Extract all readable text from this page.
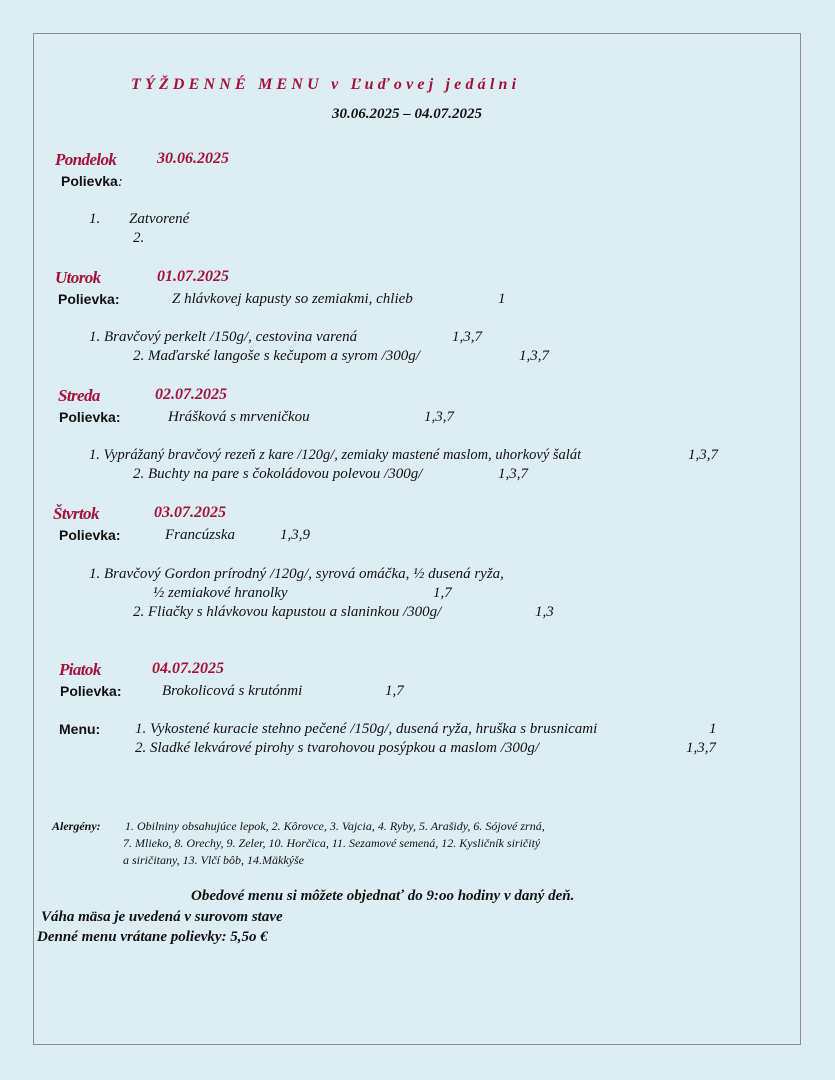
TÝŽDENNÉ MENU v Ľuďovej jedálni
30.06.2025 – 04.07.2025
Pondelok	30.06.2025
Polievka:
1. Zatvorené
2.
Utorok	01.07.2025
Polievka:	Z hlávkovej kapusty so zemiakmi, chlieb	1
1. Bravčový perkelt /150g/, cestovina varená	1,3,7
2. Maďarské langoše s kečupom a syrom /300g/	1,3,7
Streda	02.07.2025
Polievka:	Hrášková s mrveničkou	1,3,7
1. Vyprážaný bravčový rezeň z kare /120g/, zemiaky mastené maslom, uhorkový šalát	1,3,7
2. Buchty na pare s čokoládovou polevou /300g/	1,3,7
Štvrtok	03.07.2025
Polievka:	Francúzska	1,3,9
1. Bravčový Gordon prírodný /120g/, syrová omáčka, ½ dusená ryža,
½ zemiakové hranolky	1,7
2. Fliačky s hlávkovou kapustou a slaninkou /300g/	1,3
Piatok	04.07.2025
Polievka:	Brokolicová s krutónmi	1,7
Menu: 1. Vykostené kuracie stehno pečené /150g/, dusená ryža, hruška s brusnicami	1
2. Sladké lekvárové pirohy s tvarohovou posýpkou a maslom /300g/	1,3,7
Alergény: 1. Obilniny obsahujúce lepok, 2. Kôrovce, 3. Vajcia, 4. Ryby, 5. Arašidy, 6. Sójové zrná,
7. Mlieko, 8. Orechy, 9. Zeler, 10. Horčica, 11. Sezamové semená, 12. Kysličník siričitý
a siričitany, 13. Vlčí bôb, 14.Mäkkýše
Obedové menu si môžete objednať do 9:oo hodiny v daný deň.
Váha mäsa je uvedená v surovom stave
Denné menu vrátane polievky: 5,5o €
